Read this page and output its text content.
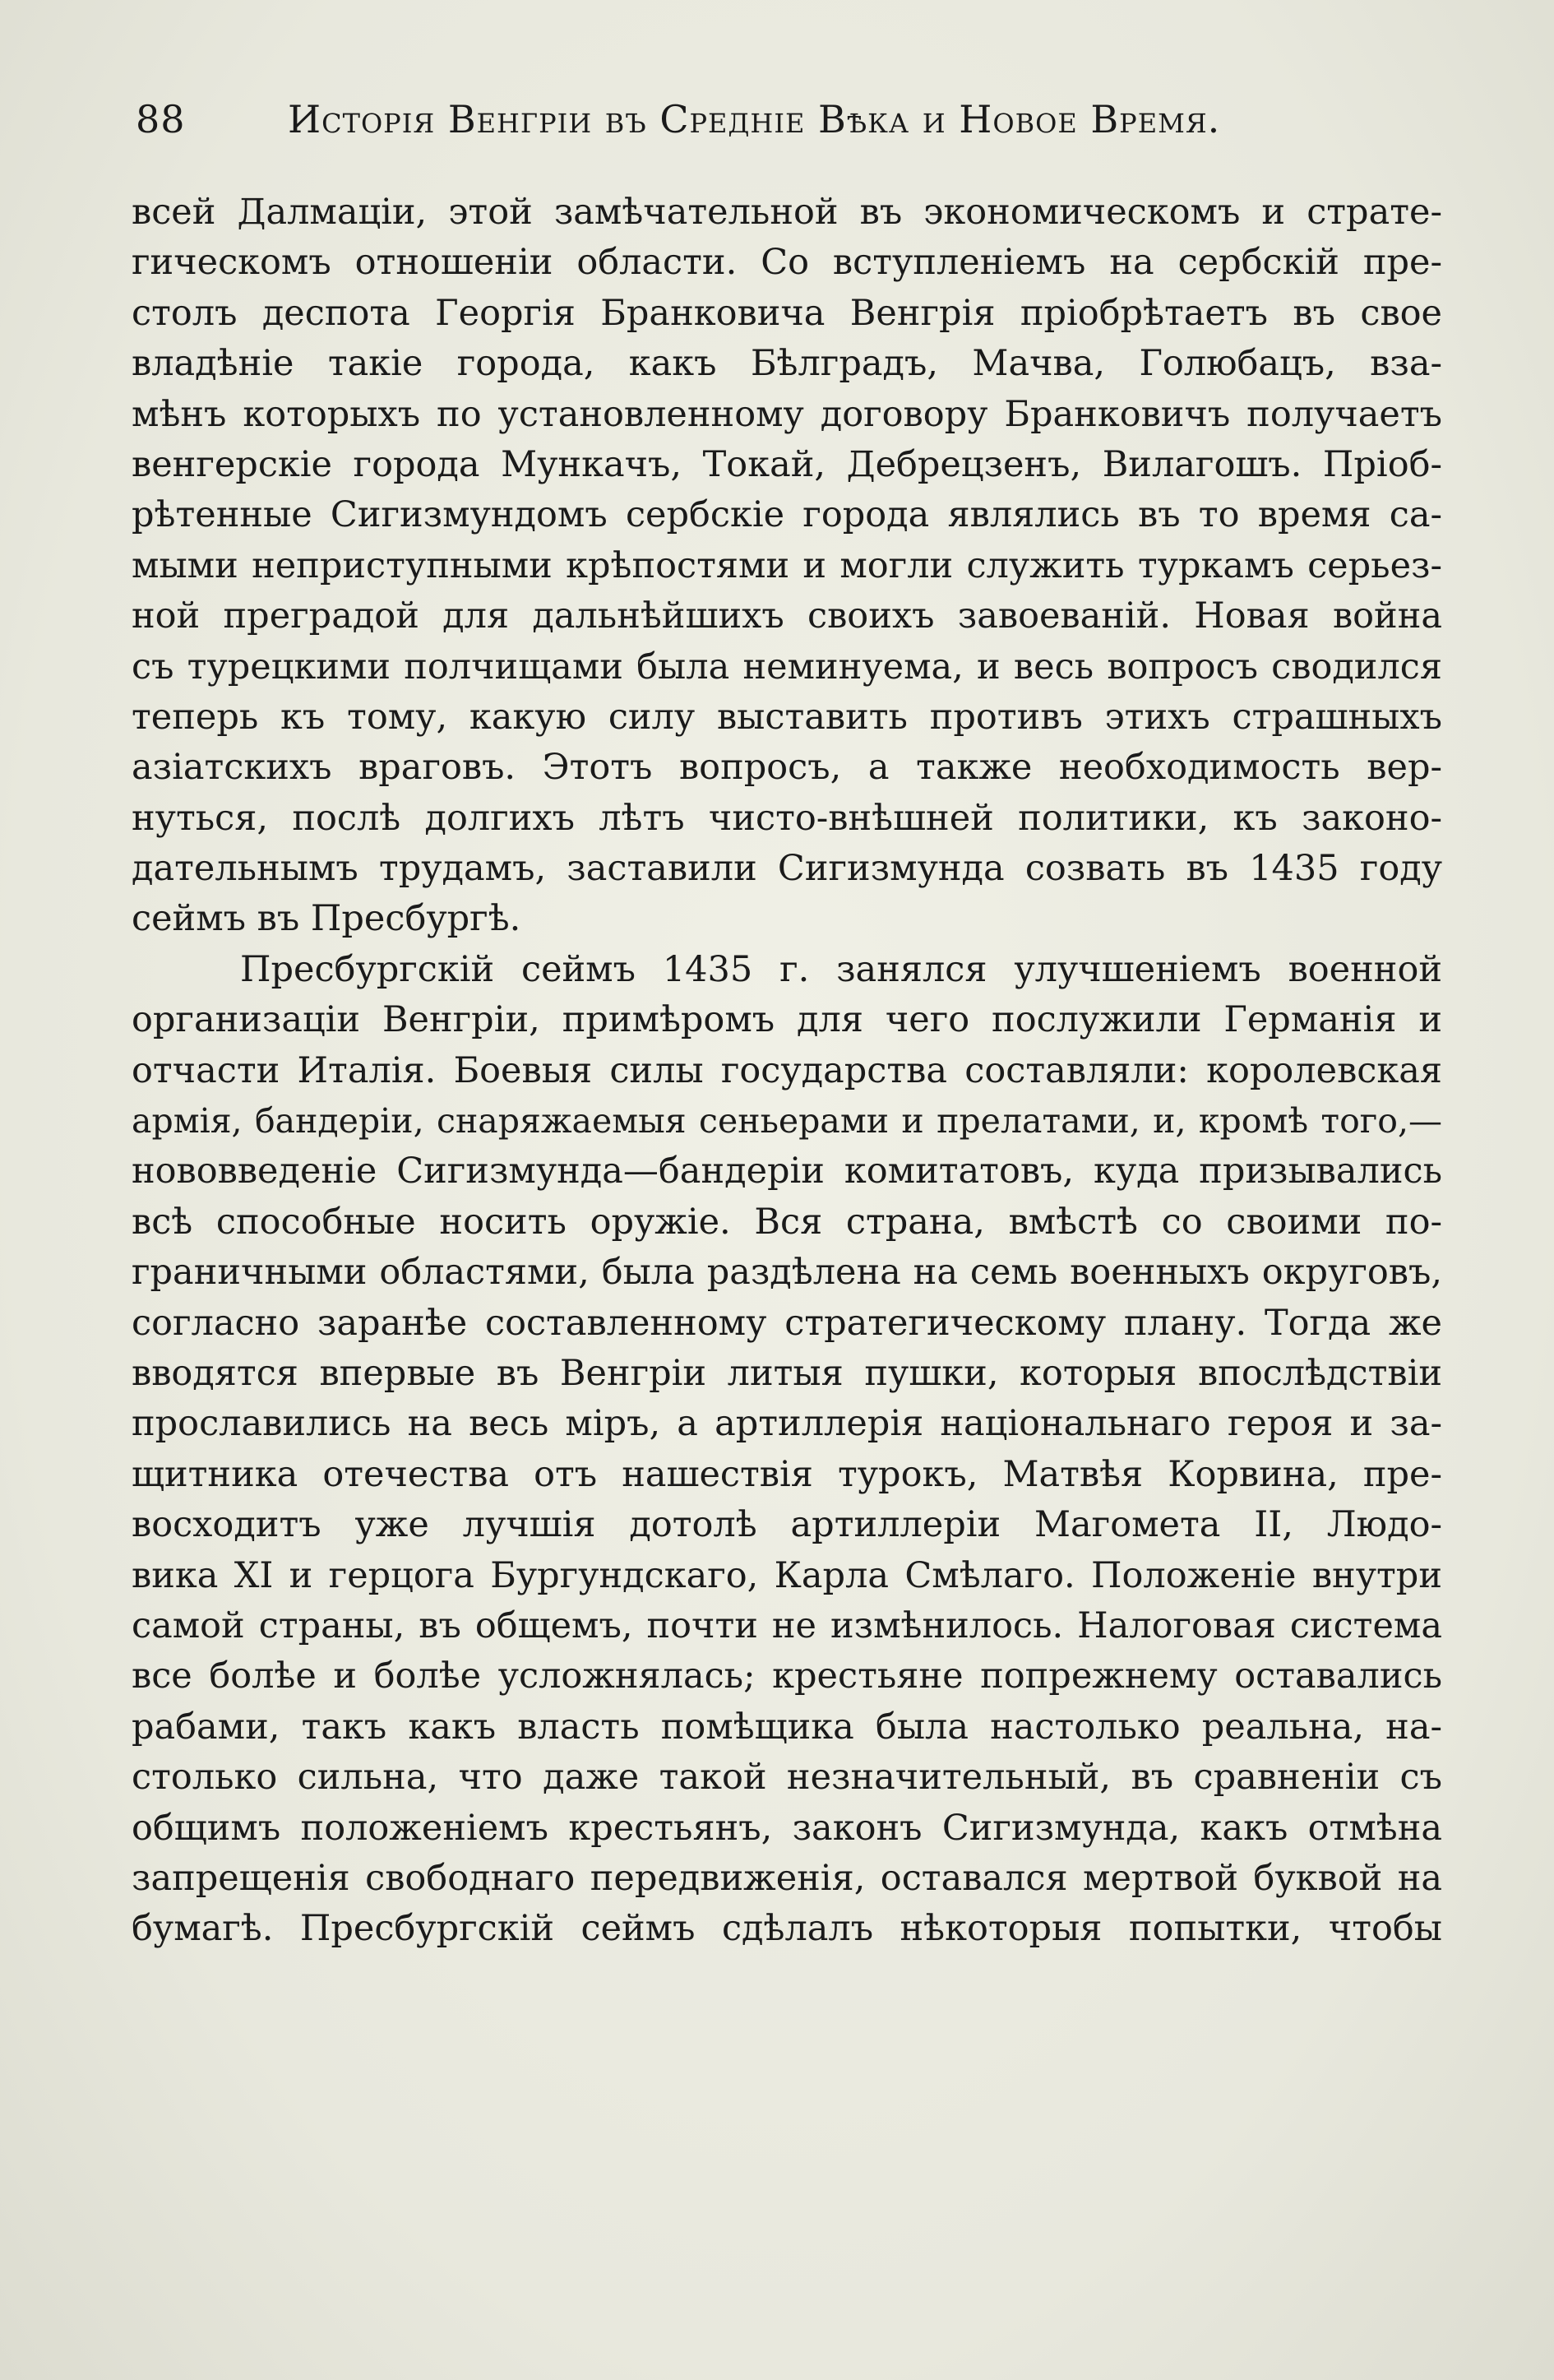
88	Исторія Венгріи въ Средніе Вѣка и Новое Время.
всей Далмаціи, этой замѣчательной въ экономическомъ и страте-
гическомъ отношеніи области. Со вступленіемъ на сербскій пре-
столъ деспота Георгія Бранковича Венгрія пріобрѣтаетъ въ свое
владѣніе такіе города, какъ Бѣлградъ, Мачва, Голюбацъ, вза-
мѣнъ которыхъ по установленному договору Бранковичъ получаетъ
венгерскіе города Мункачъ, Токай, Дебрецзенъ, Вилагошъ. Пріоб-
рѣтенные Сигизмундомъ сербскіе города являлись въ то время са-
мыми неприступными крѣпостями и могли служить туркамъ серьез-
ной преградой для дальнѣйшихъ своихъ завоеваній. Новая война
съ турецкими полчищами была неминуема, и весь вопросъ сводился
теперь къ тому, какую силу выставить противъ этихъ страшныхъ
азіатскихъ враговъ. Этотъ вопросъ, а также необходимость вер-
нуться, послѣ долгихъ лѣтъ чисто-внѣшней политики, къ законо-
дательнымъ трудамъ, заставили Сигизмунда созвать въ 1435 году
сеймъ въ Пресбургѣ.
Пресбургскій сеймъ 1435 г. занялся улучшеніемъ военной
организаціи Венгріи, примѣромъ для чего послужили Германія и
отчасти Италія. Боевыя силы государства составляли: королевская
армія, бандеріи, снаряжаемыя сеньерами и прелатами, и, кромѣ того,—
нововведеніе Сигизмунда—бандеріи комитатовъ, куда призывались
всѣ способные носить оружіе. Вся страна, вмѣстѣ со своими по-
граничными областями, была раздѣлена на семь военныхъ округовъ,
согласно заранѣе составленному стратегическому плану. Тогда же
вводятся впервые въ Венгріи литыя пушки, которыя впослѣдствіи
прославились на весь міръ, а артиллерія національнаго героя и за-
щитника отечества отъ нашествія турокъ, Матвѣя Корвина, пре-
восходитъ уже лучшія дотолѣ артиллеріи Магомета II, Людо-
вика XI и герцога Бургундскаго, Карла Смѣлаго. Положеніе внутри
самой страны, въ общемъ, почти не измѣнилось. Налоговая система
все болѣе и болѣе усложнялась; крестьяне попрежнему оставались
рабами, такъ какъ власть помѣщика была настолько реальна, на-
столько сильна, что даже такой незначительный, въ сравненіи съ
общимъ положеніемъ крестьянъ, законъ Сигизмунда, какъ отмѣна
запрещенія свободнаго передвиженія, оставался мертвой буквой на
бумагѣ. Пресбургскій сеймъ сдѣлалъ нѣкоторыя попытки, чтобы
